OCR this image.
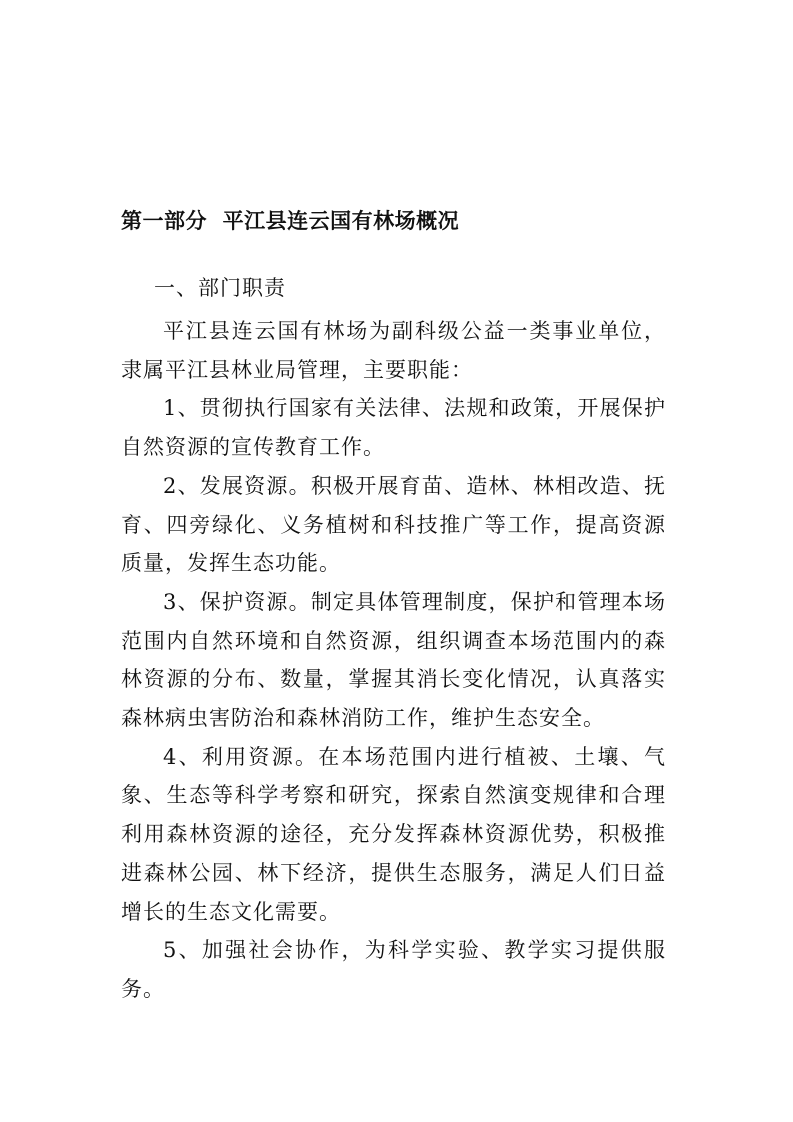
第一部分  平江县连云国有林场概况
一、部门职责

平江县连云国有林场为副科级公益一类事业单位，隶属平江县林业局管理，主要职能：

1、贯彻执行国家有关法律、法规和政策，开展保护自然资源的宣传教育工作。

2、发展资源。积极开展育苗、造林、林相改造、抚育、四旁绿化、义务植树和科技推广等工作，提高资源质量，发挥生态功能。

3、保护资源。制定具体管理制度，保护和管理本场范围内自然环境和自然资源，组织调查本场范围内的森林资源的分布、数量，掌握其消长变化情况，认真落实森林病虫害防治和森林消防工作，维护生态安全。

4、利用资源。在本场范围内进行植被、土壤、气象、生态等科学考察和研究，探索自然演变规律和合理利用森林资源的途径，充分发挥森林资源优势，积极推进森林公园、林下经济，提供生态服务，满足人们日益增长的生态文化需要。

5、加强社会协作，为科学实验、教学实习提供服务。
